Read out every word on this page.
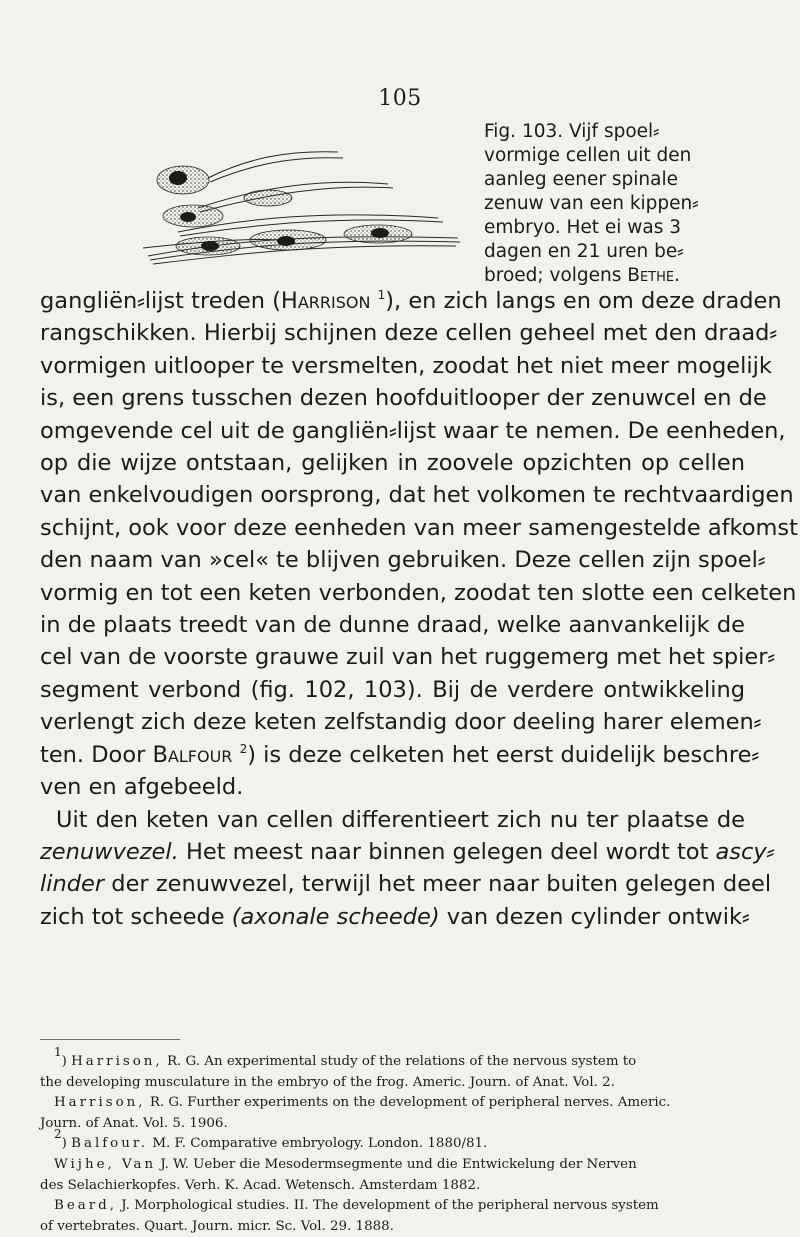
105
Fig. 103. Vijf spoel⸗
vormige cellen uit den
aanleg eener spinale
zenuw van een kippen⸗
embryo. Het ei was 3
dagen en 21 uren be⸗
broed; volgens Bethe.
gangliën⸗lijst treden (Harrison $^1$), en zich langs en om deze draden
rangschikken. Hierbij schijnen deze cellen geheel met den draad⸗
vormigen uitlooper te versmelten, zoodat het niet meer mogelijk
is, een grens tusschen dezen hoofduitlooper der zenuwcel en de
omgevende cel uit de gangliën⸗lijst waar te nemen. De eenheden,
op die wijze ontstaan, gelijken in zoovele opzichten op cellen
van enkelvoudigen oorsprong, dat het volkomen te rechtvaardigen
schijnt, ook voor deze eenheden van meer samengestelde afkomst
den naam van »cel« te blijven gebruiken. Deze cellen zijn spoel⸗
vormig en tot een keten verbonden, zoodat ten slotte een celketen
in de plaats treedt van de dunne draad, welke aanvankelijk de
cel van de voorste grauwe zuil van het ruggemerg met het spier⸗
segment verbond (fig. 102, 103). Bij de verdere ontwikkeling
verlengt zich deze keten zelfstandig door deeling harer elemen⸗
ten. Door Balfour $^2$) is deze celketen het eerst duidelijk beschre⸗
ven en afgebeeld.
Uit den keten van cellen differentieert zich nu ter plaatse de
zenuwvezel. Het meest naar binnen gelegen deel wordt tot ascy⸗
linder der zenuwvezel, terwijl het meer naar buiten gelegen deel
zich tot scheede (axonale scheede) van dezen cylinder ontwik⸗
$^1$) Harrison, R. G. An experimental study of the relations of the nervous system to
the developing musculature in the embryo of the frog. Americ. Journ. of Anat. Vol. 2.
Harrison, R. G. Further experiments on the development of peripheral nerves. Americ.
Journ. of Anat. Vol. 5. 1906.
$^2$) Balfour. M. F. Comparative embryology. London. 1880/81.
Wijhe, Van J. W. Ueber die Mesodermsegmente und die Entwickelung der Nerven
des Selachierkopfes. Verh. K. Acad. Wetensch. Amsterdam 1882.
Beard, J. Morphological studies. II. The development of the peripheral nervous system
of vertebrates. Quart. Journ. micr. Sc. Vol. 29. 1888.
